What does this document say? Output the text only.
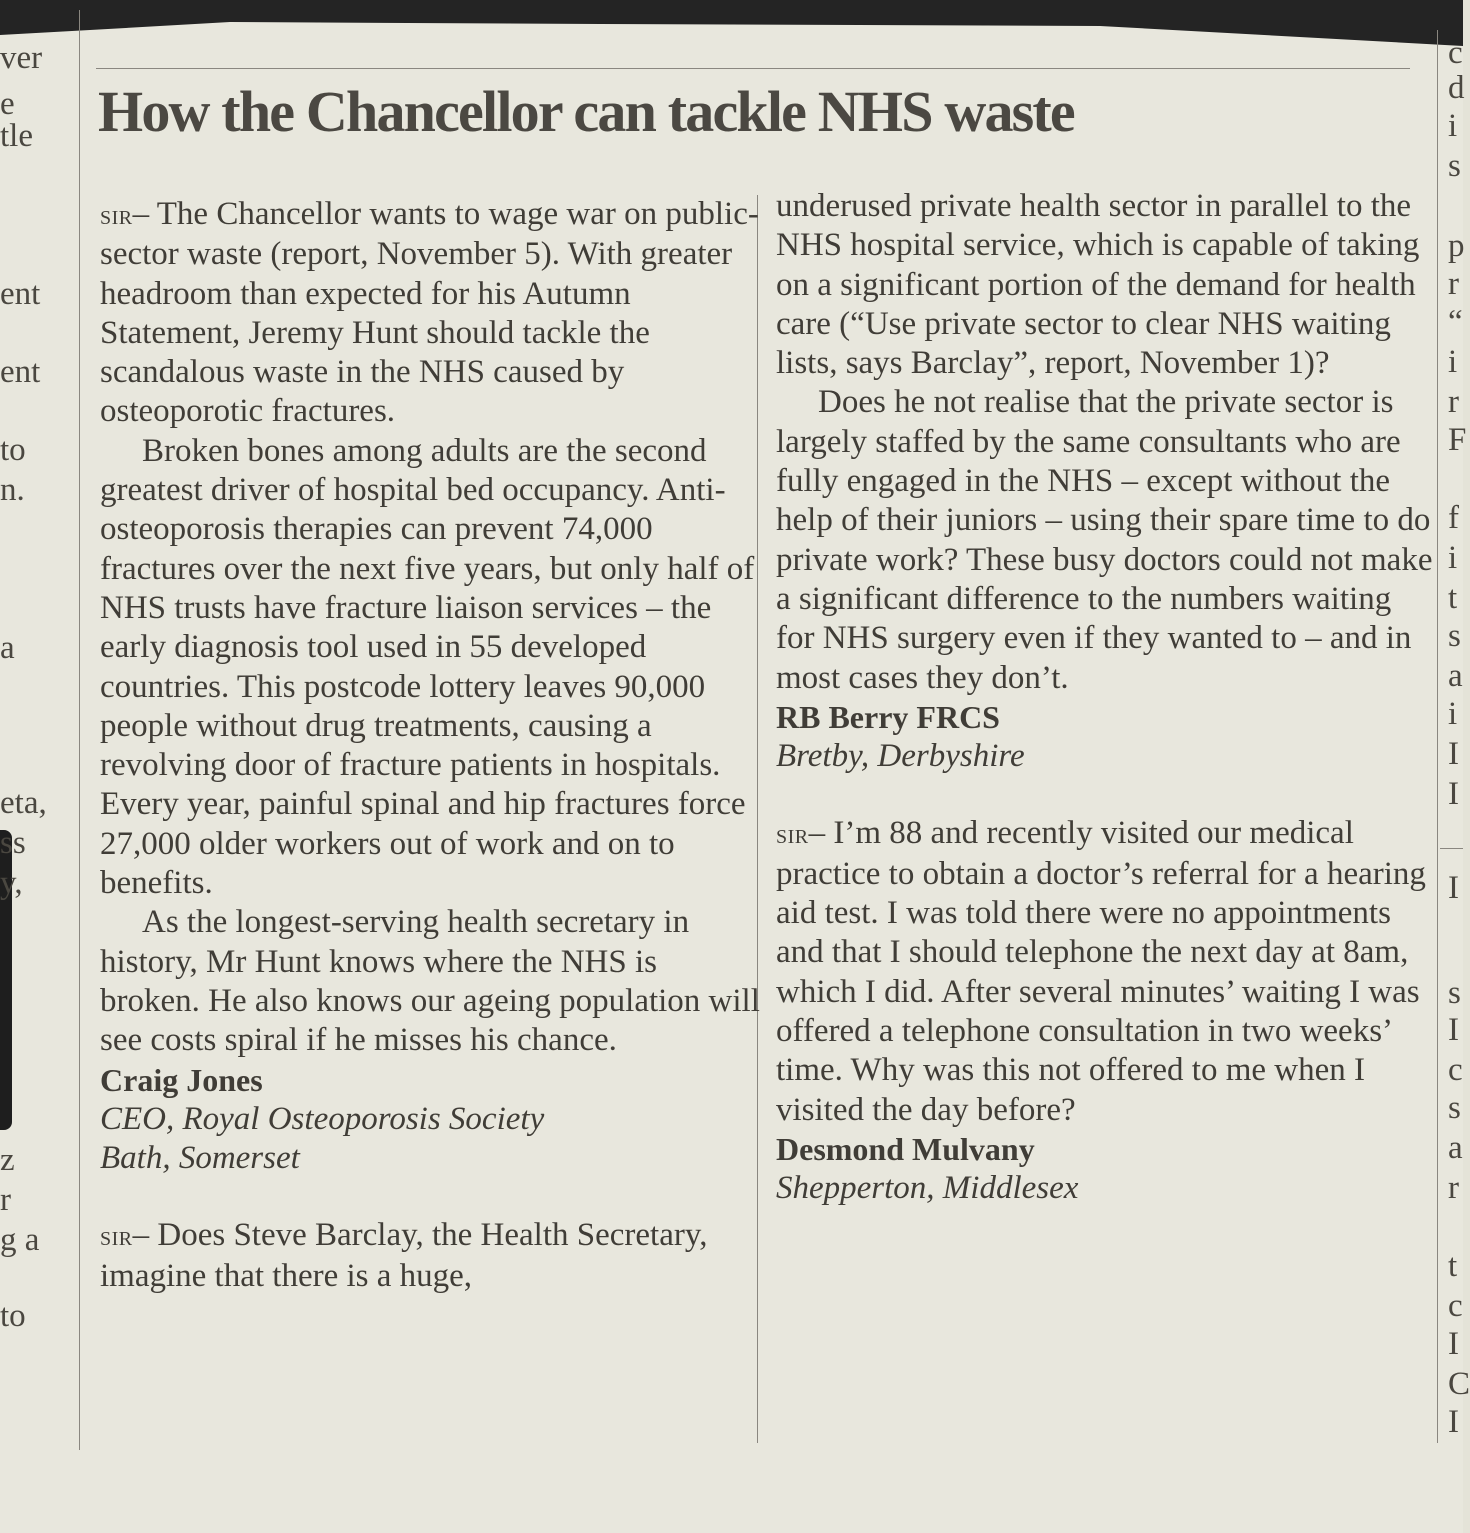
ver
e
tle
ent
ent
to
n.
a
eta,
ss
y,
z
r
g a
to
c
d
i
s
p
r
“
i
r
F
f
i
t
s
a
i
I
I
I
s
I
c
s
a
r
t
c
I
C
I
How the Chancellor can tackle NHS waste

sir– The Chancellor wants to wage war on public-sector waste (report, November 5). With greater headroom than expected for his Autumn Statement, Jeremy Hunt should tackle the scandalous waste in the NHS caused by osteoporotic fractures.

Broken bones among adults are the second greatest driver of hospital bed occupancy. Anti-osteoporosis therapies can prevent 74,000 fractures over the next five years, but only half of NHS trusts have fracture liaison services – the early diagnosis tool used in 55 developed countries. This postcode lottery leaves 90,000 people without drug treatments, causing a revolving door of fracture patients in hospitals. Every year, painful spinal and hip fractures force 27,000 older workers out of work and on to benefits.

As the longest-serving health secretary in history, Mr Hunt knows where the NHS is broken. He also knows our ageing population will see costs spiral if he misses his chance.

Craig Jones

CEO, Royal Osteoporosis Society

Bath, Somerset

sir– Does Steve Barclay, the Health Secretary, imagine that there is a huge,

underused private health sector in parallel to the NHS hospital service, which is capable of taking on a significant portion of the demand for health care (“Use private sector to clear NHS waiting lists, says Barclay”, report, November 1)?

Does he not realise that the private sector is largely staffed by the same consultants who are fully engaged in the NHS – except without the help of their juniors – using their spare time to do private work? These busy doctors could not make a significant difference to the numbers waiting for NHS surgery even if they wanted to – and in most cases they don’t.

RB Berry FRCS

Bretby, Derbyshire

sir– I’m 88 and recently visited our medical practice to obtain a doctor’s referral for a hearing aid test. I was told there were no appointments and that I should telephone the next day at 8am, which I did. After several minutes’ waiting I was offered a telephone consultation in two weeks’ time. Why was this not offered to me when I visited the day before?

Desmond Mulvany

Shepperton, Middlesex
